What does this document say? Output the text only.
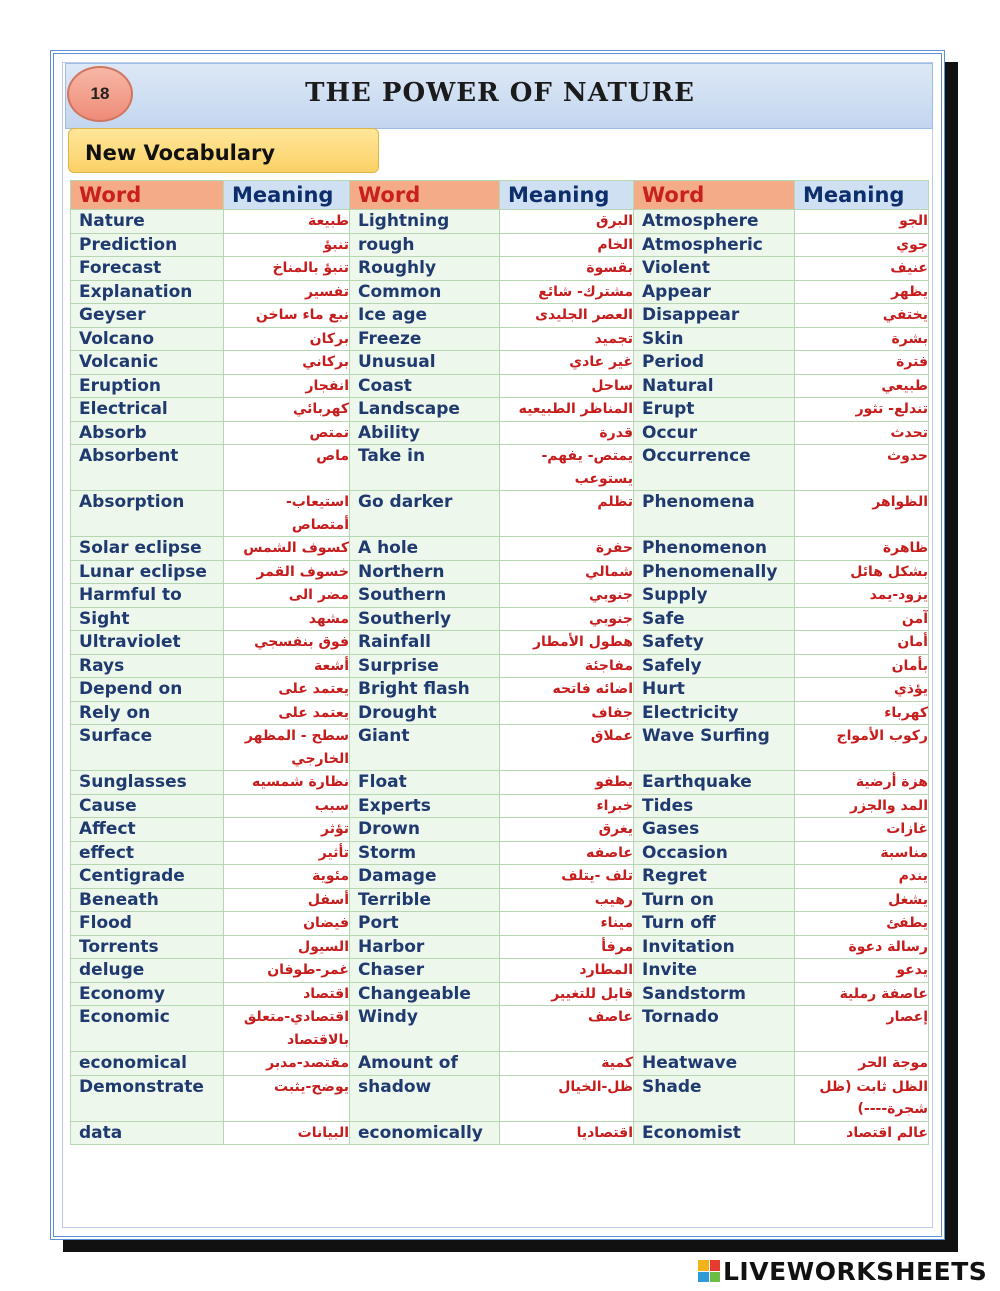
18	THE POWER OF NATURE
New Vocabulary
Word	Meaning	Word	Meaning	Word	Meaning
Nature	طبيعة	Lightning	البرق	Atmosphere	الجو
Prediction	تنبؤ	rough	الخام	Atmospheric	جوي
Forecast	تنبؤ بالمناخ	Roughly	بقسوة	Violent	عنيف
Explanation	تفسير	Common	مشترك- شائع	Appear	يظهر
Geyser	نبع ماء ساخن	Ice age	العصر الجليدى	Disappear	يختفي
Volcano	بركان	Freeze	تجميد	Skin	بشرة
Volcanic	بركاني	Unusual	غير عادي	Period	فترة
Eruption	انفجار	Coast	ساحل	Natural	طبيعي
Electrical	كهربائي	Landscape	المناظر الطبيعيه	Erupt	تندلع- تثور
Absorb	تمتص	Ability	قدرة	Occur	تحدث
Absorbent	ماص	Take in	يمتص- يفهم- يستوعب	Occurrence	حدوث
Absorption	استيعاب- أمتصاص	Go darker	تظلم	Phenomena	الظواهر
Solar eclipse	كسوف الشمس	A hole	حفرة	Phenomenon	ظاهرة
Lunar eclipse	خسوف القمر	Northern	شمالي	Phenomenally	بشكل هائل
Harmful to	مضر الى	Southern	جنوبي	Supply	يزود-يمد
Sight	مشهد	Southerly	جنوبي	Safe	آمن
Ultraviolet	فوق بنفسجي	Rainfall	هطول الأمطار	Safety	أمان
Rays	أشعة	Surprise	مفاجئة	Safely	بأمان
Depend on	يعتمد على	Bright flash	اضائه فاتحه	Hurt	يؤذي
Rely on	يعتمد على	Drought	جفاف	Electricity	كهرباء
Surface	سطح - المظهر الخارجي	Giant	عملاق	Wave Surfing	ركوب الأمواج
Sunglasses	نظارة شمسيه	Float	يطفو	Earthquake	هزة أرضية
Cause	سبب	Experts	خبراء	Tides	المد والجزر
Affect	تؤثر	Drown	يغرق	Gases	غازات
effect	تأثير	Storm	عاصفه	Occasion	مناسبة
Centigrade	مئوية	Damage	تلف -يتلف	Regret	يندم
Beneath	أسفل	Terrible	رهيب	Turn on	يشغل
Flood	فيضان	Port	ميناء	Turn off	يطفئ
Torrents	السيول	Harbor	مرفأ	Invitation	رسالة دعوة
deluge	غمر-طوفان	Chaser	المطارد	Invite	يدعو
Economy	اقتصاد	Changeable	قابل للتغيير	Sandstorm	عاصفة رملية
Economic	اقتصادي-متعلق بالاقتصاد	Windy	عاصف	Tornado	إعصار
economical	مقتصد-مدبر	Amount of	كمية	Heatwave	موجة الحر
Demonstrate	يوضح-يثبت	shadow	ظل-الخيال	Shade	الظل ثابت (ظل شجرة----)
data	البيانات	economically	اقتصاديا	Economist	عالم اقتصاد
LIVEWORKSHEETS
